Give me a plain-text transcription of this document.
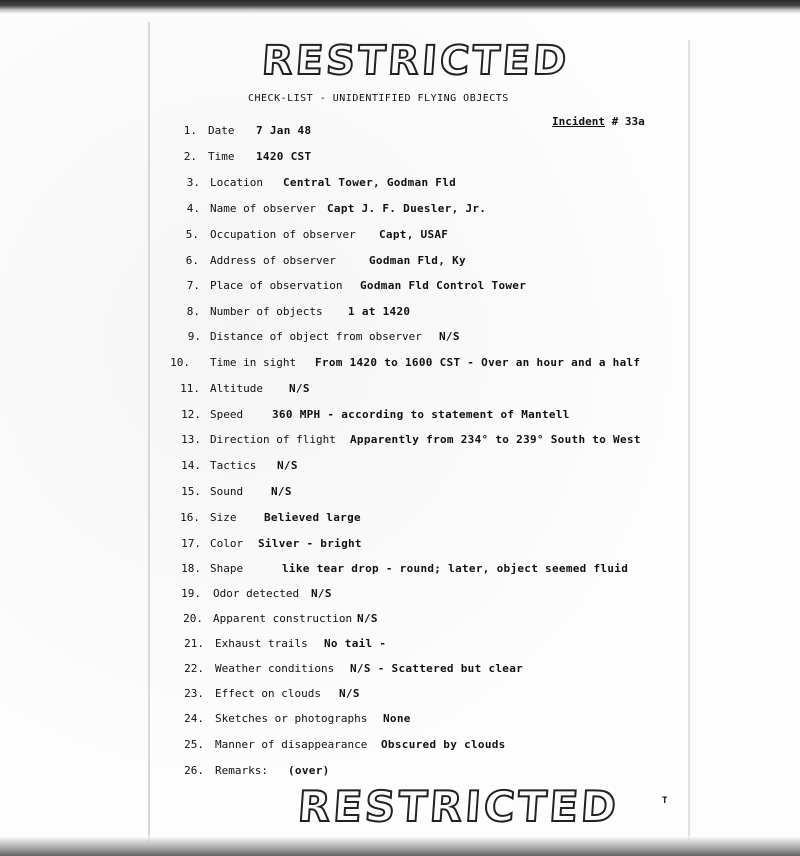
RESTRICTED
CHECK-LIST - UNIDENTIFIED FLYING OBJECTS
Incident # 33a
1. Date 7 Jan 48
2. Time 1420 CST
3. Location Central Tower, Godman Fld
4. Name of observer Capt J. F. Duesler, Jr.
5. Occupation of observer Capt, USAF
6. Address of observer	Godman Fld, Ky
7. Place of observation Godman Fld Control Tower
8. Number of objects 1 at 1420
9. Distance of object from observer N/S
10. Time in sight From 1420 to 1600 CST - Over an hour and a half
11. Altitude N/S
12. Speed	360 MPH - according to statement of Mantell
13. Direction of flight Apparently from 234° to 239° South to West
14. Tactics N/S
15. Sound	N/S
16. Size	Believed large
17. Color Silver - bright
18. Shape	like tear drop - round; later, object seemed fluid
19. Odor detected N/S
20. Apparent construction N/S
21. Exhaust trails No tail -
22. Weather conditions N/S - Scattered but clear
23. Effect on clouds N/S
24. Sketches or photographs None
25. Manner of disappearance Obscured by clouds
26. Remarks: (over)
RESTRICTED	T
